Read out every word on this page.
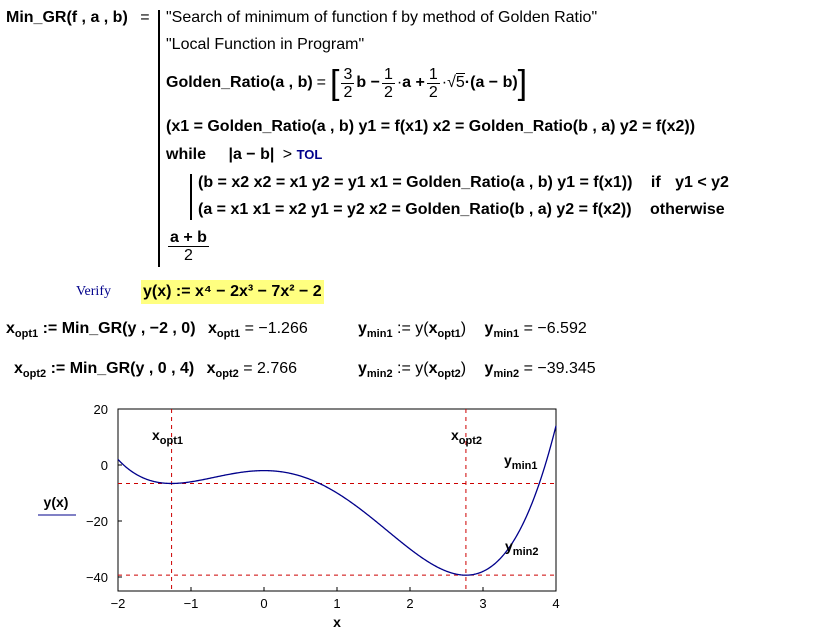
Min_GR(f , a , b) = "Search of minimum of function f by method of Golden Ratio"
"Local Function in Program"
Golden_Ratio(a , b) = [ $\frac{3}{2}$ $b - \frac{1}{2} \cdot a + \frac{1}{2} \cdot√5 \cdot(a - b)$ ]
(x1 = Golden_Ratio(a , b) y1 = f(x1) x2 = Golden_Ratio(b , a) y2 = f(x2))
while |a − b| > TOL
(b = x2 x2 = x1 y2 = y1 x1 = Golden_Ratio(a , b) y1 = f(x1)) if y1 < y2
(a = x1 x1 = x2 y1 = y2 x2 = Golden_Ratio(b , a) y2 = f(x2)) otherwise
$\frac{a + b}{2}$
Verify y(x) := x⁴ − 2x³ − 7x² − 2
$x_{opt1}$ := Min_GR(y , −2 , 0) $x_{opt1} = -1.266$	$y_{min1}$ := $y(x_{opt1}) y_{min1} = -6.592$
$x_{opt2}$ := Min_GR(y , 0 , 4) $x_{opt2} = 2.766$	$y_{min2}$ := $y(x_{opt2}) y_{min2} = -39.345$
−2	−1	0	1	2	3	4
20
0
−20
−40
x
y(x)
$x_{opt1}$	$x_{opt2}$
$y_{min1}$
$y_{min2}$
